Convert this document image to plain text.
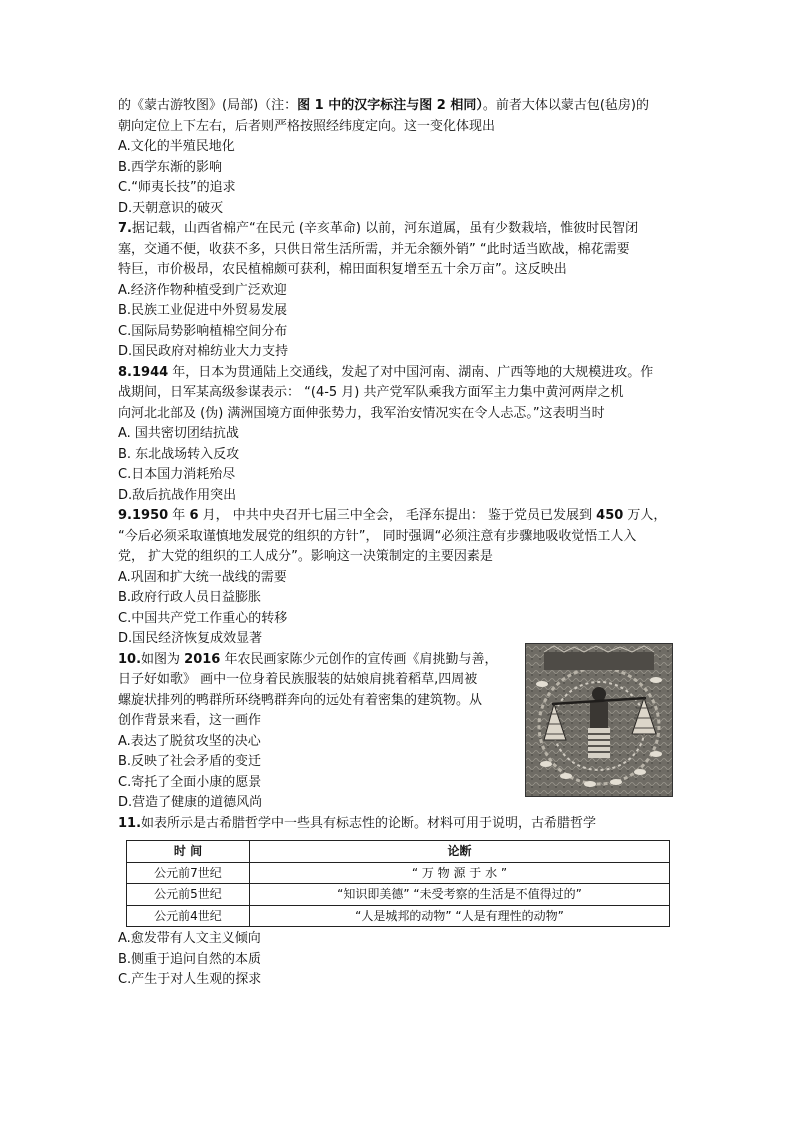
的《蒙古游牧图》(局部)（注：图 1 中的汉字标注与图 2 相同）。前者大体以蒙古包(毡房)的

朝向定位上下左右，后者则严格按照经纬度定向。这一变化体现出

A.文化的半殖民地化

B.西学东渐的影响

C.“师夷长技”的追求

D.天朝意识的破灭

7.据记载，山西省棉产“在民元 (辛亥革命) 以前，河东道属，虽有少数栽培，惟彼时民智闭

塞，交通不便，收获不多，只供日常生活所需，并无余额外销” “此时适当欧战，棉花需要

特巨，市价极昂，农民植棉颇可获利，棉田面积复增至五十余万亩”。这反映出

A.经济作物种植受到广泛欢迎

B.民族工业促进中外贸易发展

C.国际局势影响植棉空间分布

D.国民政府对棉纺业大力支持

8.1944 年，日本为贯通陆上交通线，发起了对中国河南、湖南、广西等地的大规模进攻。作

战期间，日军某高级参谋表示： “(4-5 月) 共产党军队乘我方面军主力集中黄河两岸之机

向河北北部及 (伪) 满洲国境方面伸张势力，我军治安情况实在令人忐忑。”这表明当时

A. 国共密切团结抗战

B. 东北战场转入反攻

C.日本国力消耗殆尽

D.敌后抗战作用突出

9.1950 年 6 月， 中共中央召开七届三中全会， 毛泽东提出： 鉴于党员已发展到 450 万人，

“今后必须采取谨慎地发展党的组织的方针”， 同时强调“必须注意有步骤地吸收觉悟工人入

党， 扩大党的组织的工人成分”。影响这一决策制定的主要因素是

A.巩固和扩大统一战线的需要

B.政府行政人员日益膨胀

C.中国共产党工作重心的转移

D.国民经济恢复成效显著

10.如图为 2016 年农民画家陈少元创作的宣传画《肩挑勤与善，

日子好如歌》 画中一位身着民族服装的姑娘肩挑着稻草,四周被

螺旋状排列的鸭群所环绕鸭群奔向的远处有着密集的建筑物。从

创作背景来看，这一画作

A.表达了脱贫攻坚的决心

B.反映了社会矛盾的变迁

C.寄托了全面小康的愿景

D.营造了健康的道德风尚

11.如表所示是古希腊哲学中一些具有标志性的论断。材料可用于说明，古希腊哲学

时 间	论断
公元前7世纪	“ 万 物 源 于 水 ”
公元前5世纪	“知识即美德” “未受考察的生活是不值得过的”
公元前4世纪	“人是城邦的动物” “人是有理性的动物”

A.愈发带有人文主义倾向

B.侧重于追问自然的本质

C.产生于对人生观的探求
